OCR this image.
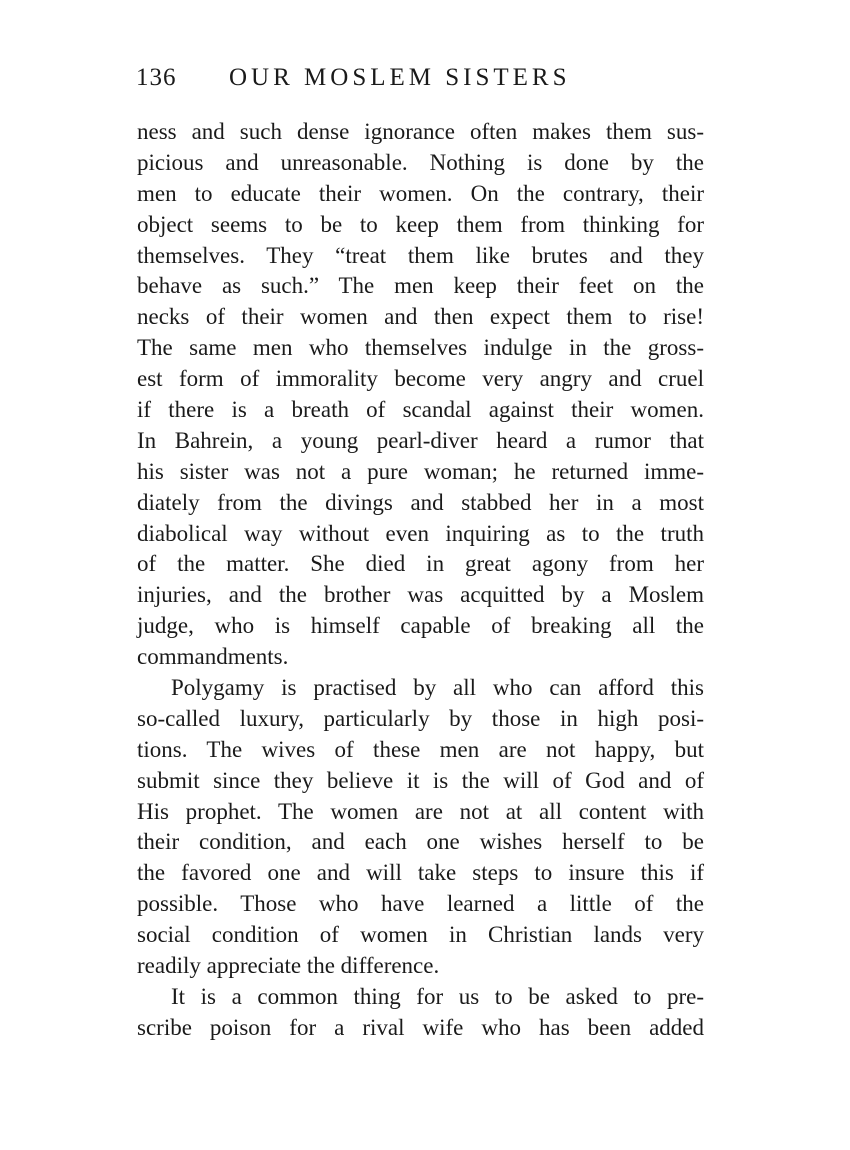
136 OUR MOSLEM SISTERS
ness and such dense ignorance often makes them sus-
picious and unreasonable. Nothing is done by the
men to educate their women. On the contrary, their
object seems to be to keep them from thinking for
themselves. They “treat them like brutes and they
behave as such.” The men keep their feet on the
necks of their women and then expect them to rise!
The same men who themselves indulge in the gross-
est form of immorality become very angry and cruel
if there is a breath of scandal against their women.
In Bahrein, a young pearl-diver heard a rumor that
his sister was not a pure woman; he returned imme-
diately from the divings and stabbed her in a most
diabolical way without even inquiring as to the truth
of the matter. She died in great agony from her
injuries, and the brother was acquitted by a Moslem
judge, who is himself capable of breaking all the
commandments.
Polygamy is practised by all who can afford this
so-called luxury, particularly by those in high posi-
tions. The wives of these men are not happy, but
submit since they believe it is the will of God and of
His prophet. The women are not at all content with
their condition, and each one wishes herself to be
the favored one and will take steps to insure this if
possible. Those who have learned a little of the
social condition of women in Christian lands very
readily appreciate the difference.
It is a common thing for us to be asked to pre-
scribe poison for a rival wife who has been added
